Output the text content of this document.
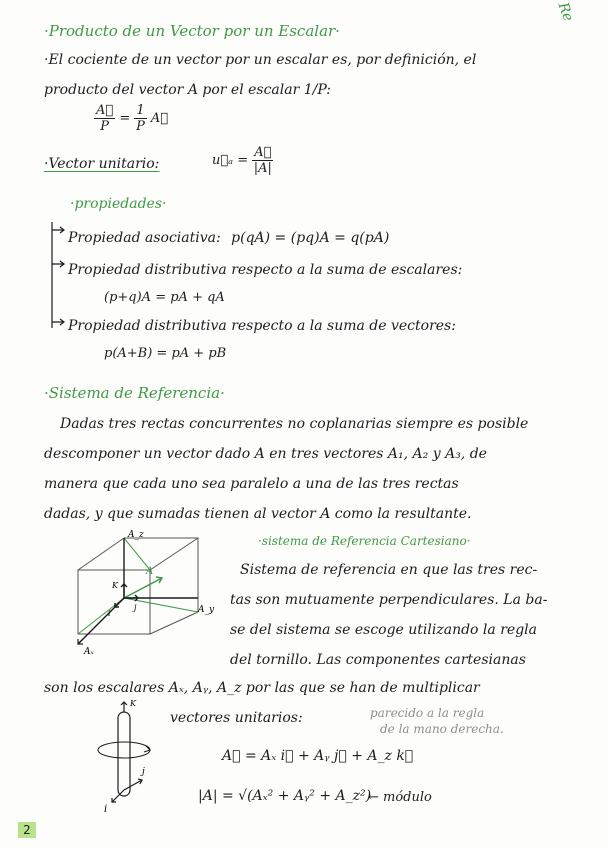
Re
·Producto de un Vector por un Escalar·
·El cociente de un vector por un escalar es, por definición, el
producto del vector A por el escalar 1/P:
$\frac{A⃗}{P} = \frac{1}{P}$ A⃗
·Vector unitario:	u⃗ₐ = $\frac{A⃗}{|A|}$
·propiedades·
Propiedad asociativa: p(qA) = (pq)A = q(pA)
Propiedad distributiva respecto a la suma de escalares:
(p+q)A = pA + qA
Propiedad distributiva respecto a la suma de vectores:
p(A+B) = pA + pB
·Sistema de Referencia·
Dadas tres rectas concurrentes no coplanarias siempre es posible
descomponer un vector dado A en tres vectores A₁, A₂ y A₃, de
manera que cada uno sea paralelo a una de las tres rectas
dadas, y que sumadas tienen al vector A como la resultante.
·sistema de Referencia Cartesiano·
Sistema de referencia en que las tres rec-
tas son mutuamente perpendiculares. La ba-
se del sistema se escoge utilizando la regla
del tornillo. Las componentes cartesianas
son los escalares Aₓ, Aᵧ, A_z por las que se han de multiplicar
vectores unitarios:	parecido a la regla
de la mano derecha.
A⃗ = Aₓ i⃗ + Aᵧ j⃗ + A_z k⃗
|A| = √(Aₓ² + Aᵧ² + A_z²)
← módulo
A_z
A_y
Aₓ
A
K
j
i
K
j
i
2
